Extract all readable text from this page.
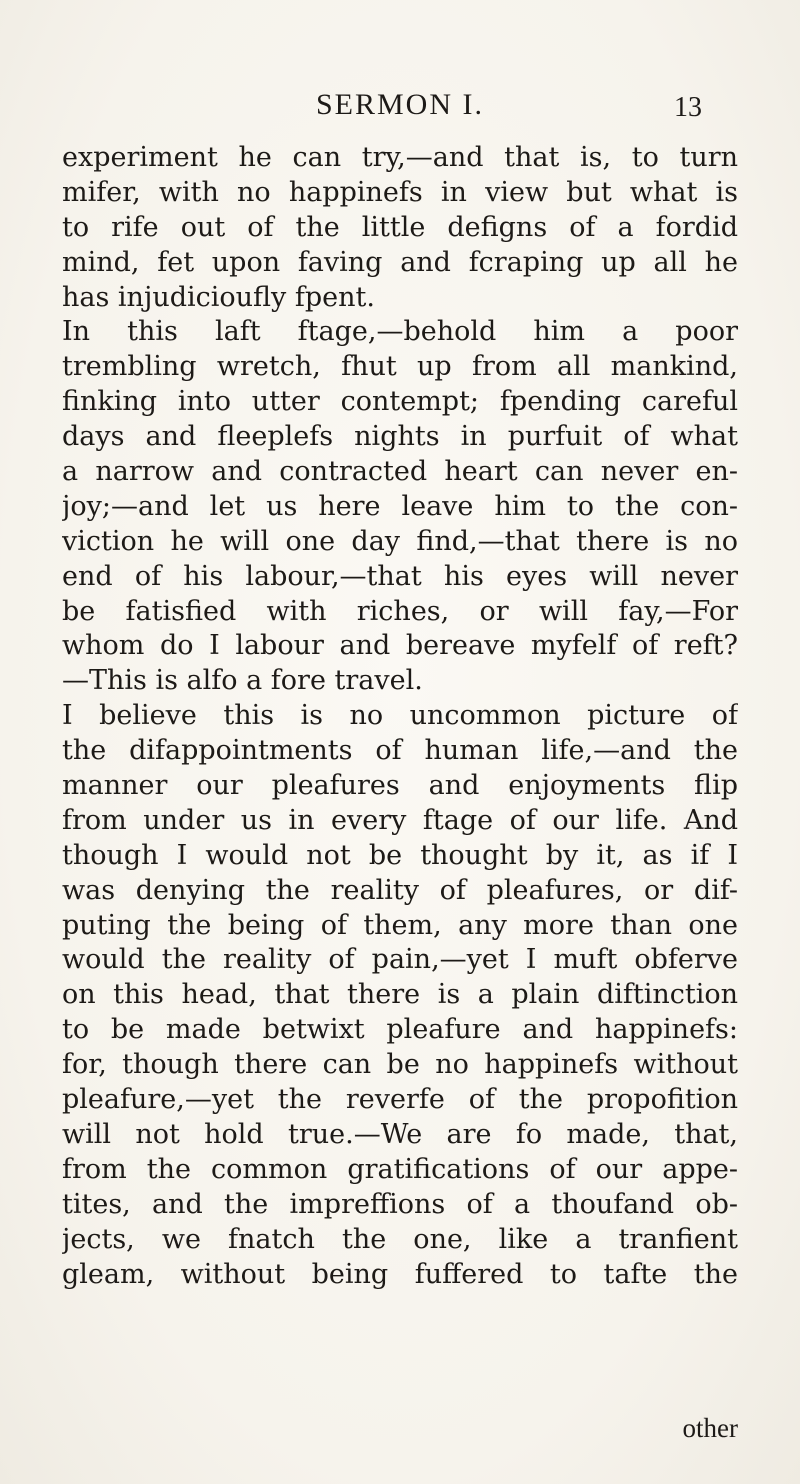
SERMON I.	13
experiment he can try,—and that is, to turn
mifer, with no happinefs in view but what is
to rife out of the little defigns of a fordid
mind, fet upon faving and fcraping up all he
has injudicioufly fpent.
In this laft ftage,—behold him a poor
trembling wretch, fhut up from all mankind,
finking into utter contempt; fpending careful
days and fleeplefs nights in purfuit of what
a narrow and contracted heart can never en-
joy;—and let us here leave him to the con-
viction he will one day find,—that there is no
end of his labour,—that his eyes will never
be fatisfied with riches, or will fay,—For
whom do I labour and bereave myfelf of reft?
—This is alfo a fore travel.
I believe this is no uncommon picture of
the difappointments of human life,—and the
manner our pleafures and enjoyments flip
from under us in every ftage of our life. And
though I would not be thought by it, as if I
was denying the reality of pleafures, or dif-
puting the being of them, any more than one
would the reality of pain,—yet I muft obferve
on this head, that there is a plain diftinction
to be made betwixt pleafure and happinefs:
for, though there can be no happinefs without
pleafure,—yet the reverfe of the propofition
will not hold true.—We are fo made, that,
from the common gratifications of our appe-
tites, and the impreffions of a thoufand ob-
jects, we fnatch the one, like a tranfient
gleam, without being fuffered to tafte the
other
